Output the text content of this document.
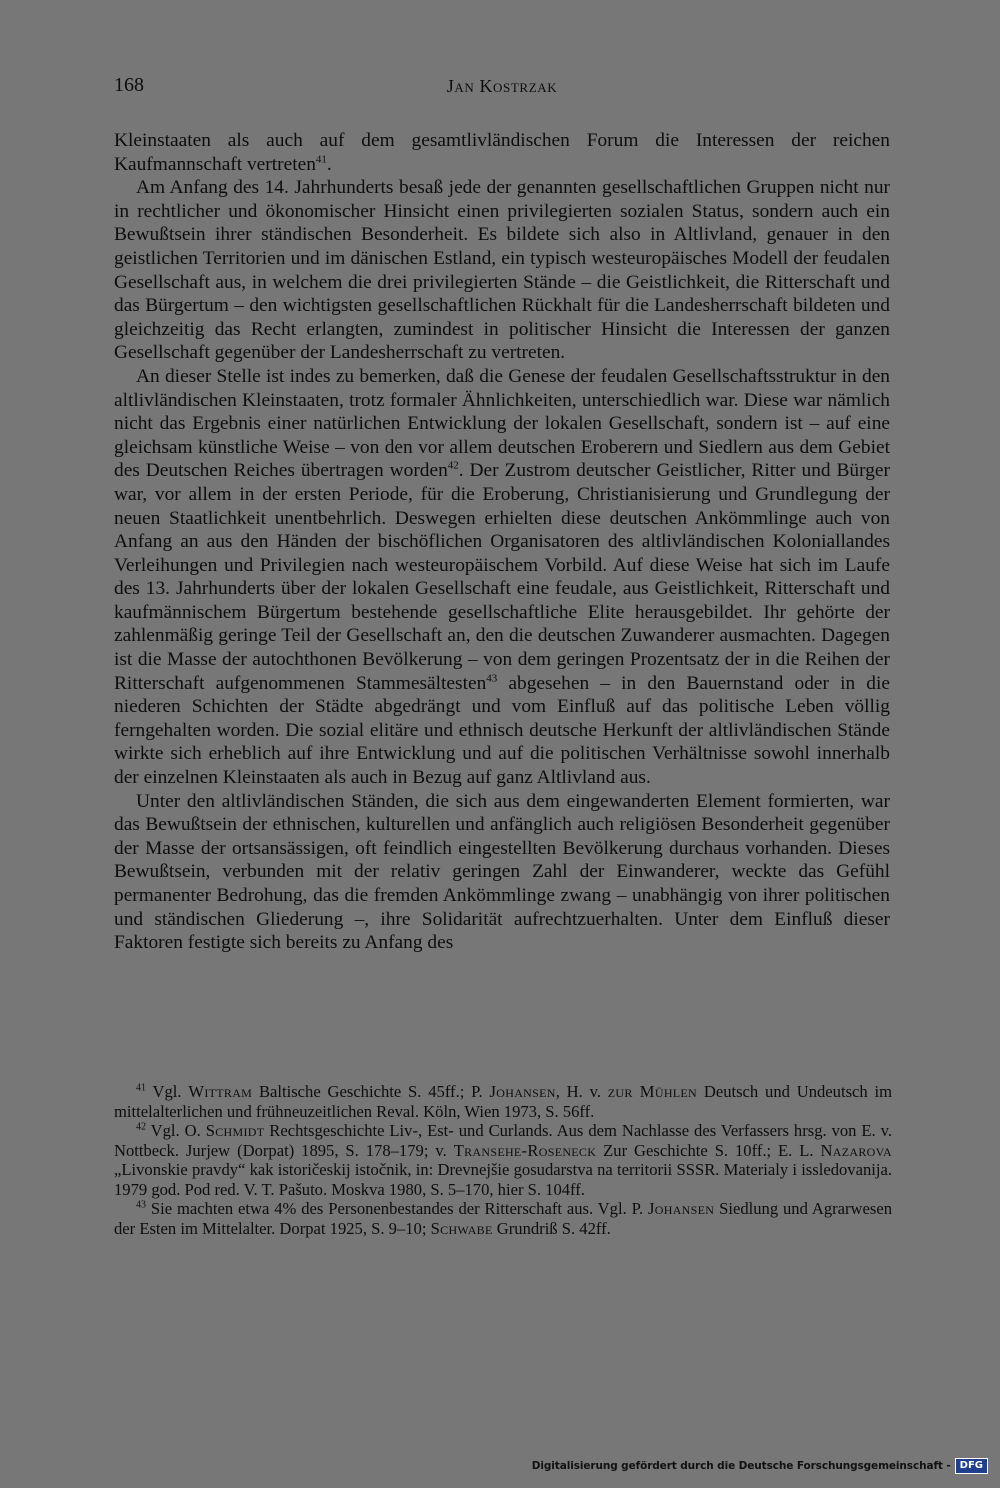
168	Jan Kostrzak

Kleinstaaten als auch auf dem gesamtlivländischen Forum die Interessen der reichen Kaufmannschaft vertreten$^{41}$.

Am Anfang des 14. Jahrhunderts besaß jede der genannten gesellschaftlichen Gruppen nicht nur in rechtlicher und ökonomischer Hinsicht einen privilegierten sozialen Status, sondern auch ein Bewußtsein ihrer ständischen Besonderheit. Es bildete sich also in Altlivland, genauer in den geistlichen Territorien und im dänischen Estland, ein typisch westeuropäisches Modell der feudalen Gesellschaft aus, in welchem die drei privilegierten Stände – die Geistlichkeit, die Ritterschaft und das Bürgertum – den wichtigsten gesellschaftlichen Rückhalt für die Landesherrschaft bildeten und gleichzeitig das Recht erlangten, zumindest in politischer Hinsicht die Interessen der ganzen Gesellschaft gegenüber der Landesherrschaft zu vertreten.

An dieser Stelle ist indes zu bemerken, daß die Genese der feudalen Gesellschaftsstruktur in den altlivländischen Kleinstaaten, trotz formaler Ähnlichkeiten, unterschiedlich war. Diese war nämlich nicht das Ergebnis einer natürlichen Entwicklung der lokalen Gesellschaft, sondern ist – auf eine gleichsam künstliche Weise – von den vor allem deutschen Eroberern und Siedlern aus dem Gebiet des Deutschen Reiches übertragen worden$^{42}$. Der Zustrom deutscher Geistlicher, Ritter und Bürger war, vor allem in der ersten Periode, für die Eroberung, Christianisierung und Grundlegung der neuen Staatlichkeit unentbehrlich. Deswegen erhielten diese deutschen Ankömmlinge auch von Anfang an aus den Händen der bischöflichen Organisatoren des altlivländischen Koloniallandes Verleihungen und Privilegien nach westeuropäischem Vorbild. Auf diese Weise hat sich im Laufe des 13. Jahrhunderts über der lokalen Gesellschaft eine feudale, aus Geistlichkeit, Ritterschaft und kaufmännischem Bürgertum bestehende gesellschaftliche Elite herausgebildet. Ihr gehörte der zahlenmäßig geringe Teil der Gesellschaft an, den die deutschen Zuwanderer ausmachten. Dagegen ist die Masse der autochthonen Bevölkerung – von dem geringen Prozentsatz der in die Reihen der Ritterschaft aufgenommenen Stammesältesten$^{43}$ abgesehen – in den Bauernstand oder in die niederen Schichten der Städte abgedrängt und vom Einfluß auf das politische Leben völlig ferngehalten worden. Die sozial elitäre und ethnisch deutsche Herkunft der altlivländischen Stände wirkte sich erheblich auf ihre Entwicklung und auf die politischen Verhältnisse sowohl innerhalb der einzelnen Kleinstaaten als auch in Bezug auf ganz Altlivland aus.

Unter den altlivländischen Ständen, die sich aus dem eingewanderten Element formierten, war das Bewußtsein der ethnischen, kulturellen und anfänglich auch religiösen Besonderheit gegenüber der Masse der ortsansässigen, oft feindlich eingestellten Bevölkerung durchaus vorhanden. Dieses Bewußtsein, verbunden mit der relativ geringen Zahl der Einwanderer, weckte das Gefühl permanenter Bedrohung, das die fremden Ankömmlinge zwang – unabhängig von ihrer politischen und ständischen Gliederung –, ihre Solidarität aufrechtzuerhalten. Unter dem Einfluß dieser Faktoren festigte sich bereits zu Anfang des

$^{41}$ Vgl. Wittram Baltische Geschichte S. 45ff.; P. Johansen, H. v. zur Mühlen Deutsch und Undeutsch im mittelalterlichen und frühneuzeitlichen Reval. Köln, Wien 1973, S. 56ff.

$^{42}$ Vgl. O. Schmidt Rechtsgeschichte Liv-, Est- und Curlands. Aus dem Nachlasse des Verfassers hrsg. von E. v. Nottbeck. Jurjew (Dorpat) 1895, S. 178–179; v. Transehe-Roseneck Zur Geschichte S. 10ff.; E. L. Nazarova „Livonskie pravdy“ kak istoričeskij istočnik, in: Drevnejšie gosudarstva na territorii SSSR. Materialy i issledovanija. 1979 god. Pod red. V. T. Pašuto. Moskva 1980, S. 5–170, hier S. 104ff.

$^{43}$ Sie machten etwa 4% des Personenbestandes der Ritterschaft aus. Vgl. P. Johansen Siedlung und Agrarwesen der Esten im Mittelalter. Dorpat 1925, S. 9–10; Schwabe Grundriß S. 42ff.

Digitalisierung gefördert durch die Deutsche Forschungsgemeinschaft - DFG
